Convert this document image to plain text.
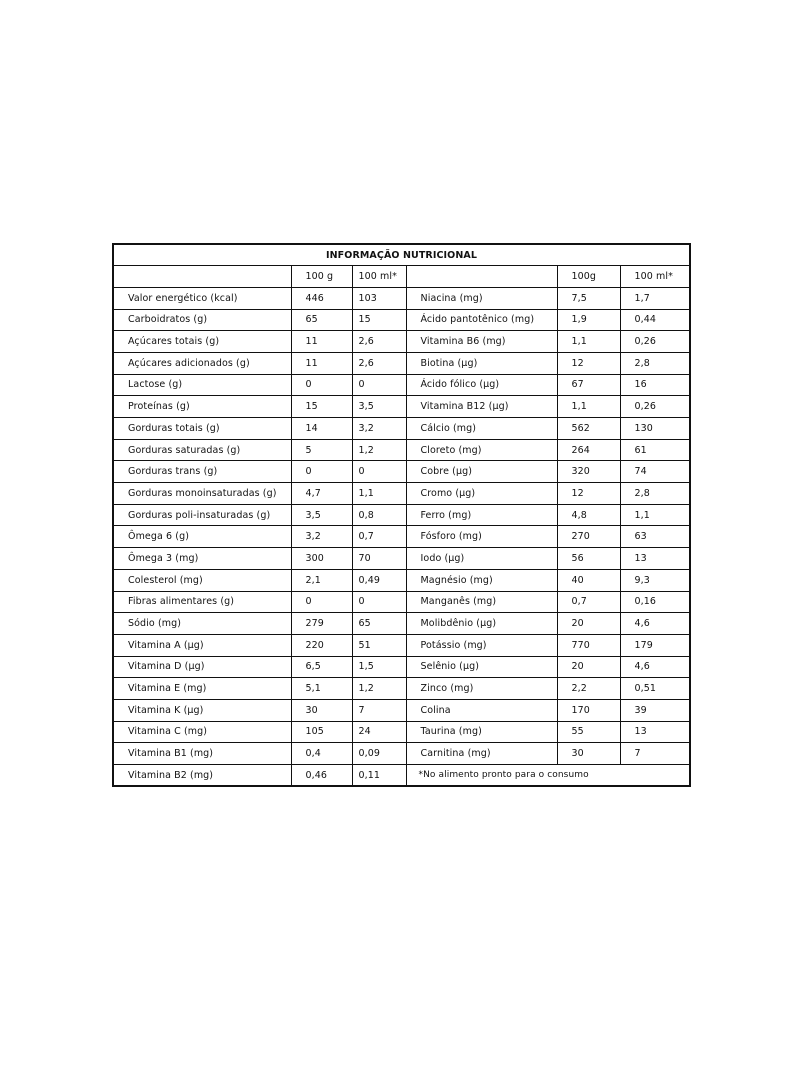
INFORMAÇÃO NUTRICIONAL					
	100 g	100 ml*		100g	100 ml*
Valor energético (kcal)	446	103	Niacina (mg)	7,5	1,7
Carboidratos (g)	65	15	Ácido pantotênico (mg)	1,9	0,44
Açúcares totais (g)	11	2,6	Vitamina B6 (mg)	1,1	0,26
Açúcares adicionados (g)	11	2,6	Biotina (μg)	12	2,8
Lactose (g)	0	0	Ácido fólico (μg)	67	16
Proteínas (g)	15	3,5	Vitamina B12 (μg)	1,1	0,26
Gorduras totais (g)	14	3,2	Cálcio (mg)	562	130
Gorduras saturadas (g)	5	1,2	Cloreto (mg)	264	61
Gorduras trans (g)	0	0	Cobre (μg)	320	74
Gorduras monoinsaturadas (g)	4,7	1,1	Cromo (μg)	12	2,8
Gorduras poli-insaturadas (g)	3,5	0,8	Ferro (mg)	4,8	1,1
Ômega 6 (g)	3,2	0,7	Fósforo (mg)	270	63
Ômega 3 (mg)	300	70	Iodo (μg)	56	13
Colesterol (mg)	2,1	0,49	Magnésio (mg)	40	9,3
Fibras alimentares (g)	0	0	Manganês (mg)	0,7	0,16
Sódio (mg)	279	65	Molibdênio (μg)	20	4,6
Vitamina A (μg)	220	51	Potássio (mg)	770	179
Vitamina D (μg)	6,5	1,5	Selênio (μg)	20	4,6
Vitamina E (mg)	5,1	1,2	Zinco (mg)	2,2	0,51
Vitamina K (μg)	30	7	Colina	170	39
Vitamina C (mg)	105	24	Taurina (mg)	55	13
Vitamina B1 (mg)	0,4	0,09	Carnitina (mg)	30	7
Vitamina B2 (mg)	0,46	0,11	*No alimento pronto para o consumo		
